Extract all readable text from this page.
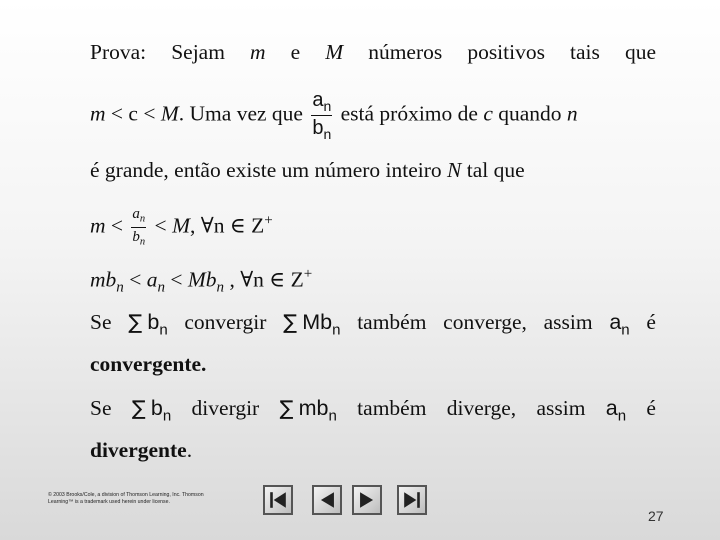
Prova: Sejam m e M números positivos tais que
m < c < M. Uma vez que $\frac{a_n}{b_n}$ está próximo de c quando n
é grande, então existe um número inteiro N tal que
$m < \frac{a_n}{b_n} < M$, ∀n ∈ Z+
$mb_n < a_n < Mb_n$ , ∀n ∈ Z+
Se ∑ $b_n$ convergir ∑ $Mb_n$ também converge, assim $a_n$ é
convergente.
Se ∑ $b_n$ divergir ∑ $mb_n$ também diverge, assim $a_n$ é
divergente.
© 2003 Brooks/Cole, a division of Thomson Learning, Inc. Thomson
Learning™ is a trademark used herein under license.
27
